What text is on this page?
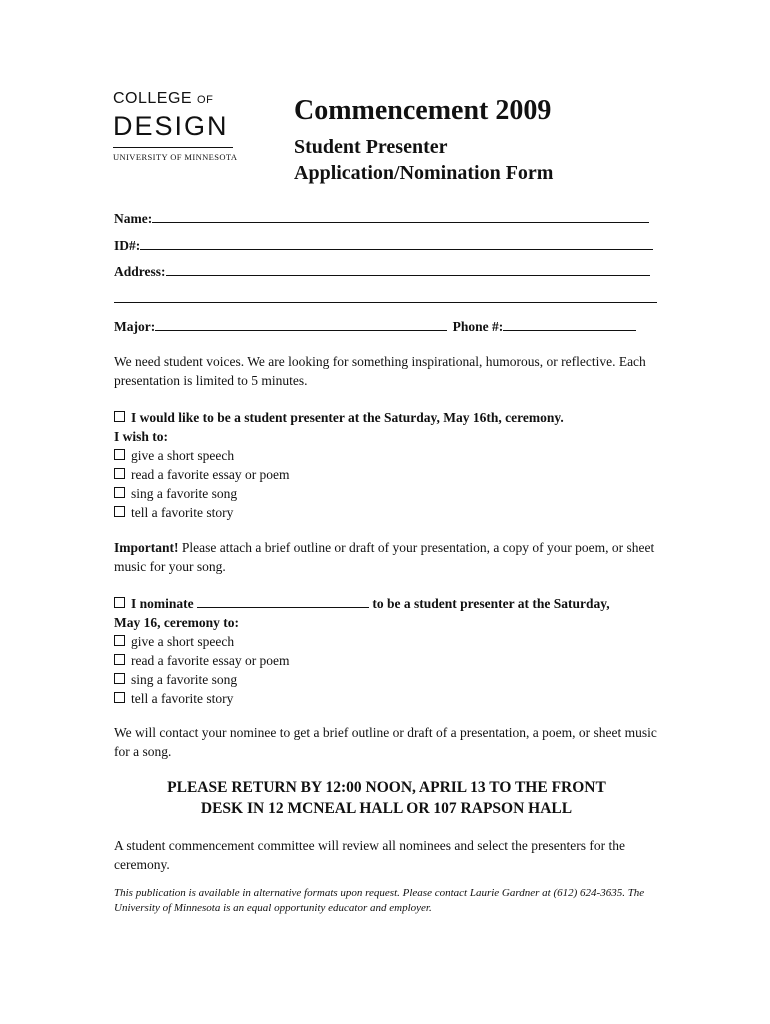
COLLEGE OF
DESIGN
UNIVERSITY OF MINNESOTA
Commencement 2009
Student Presenter
Application/Nomination Form
Name:
ID#:
Address:
Major:	Phone #:
We need student voices. We are looking for something inspirational, humorous, or reflective. Each presentation is limited to 5 minutes.
I would like to be a student presenter at the Saturday, May 16th, ceremony.
I wish to:
give a short speech
read a favorite essay or poem
sing a favorite song
tell a favorite story
Important! Please attach a brief outline or draft of your presentation, a copy of your poem, or sheet music for your song.
I nominate	to be a student presenter at the Saturday,
May 16, ceremony to:
give a short speech
read a favorite essay or poem
sing a favorite song
tell a favorite story
We will contact your nominee to get a brief outline or draft of a presentation, a poem, or sheet music for a song.
PLEASE RETURN BY 12:00 NOON, APRIL 13 TO THE FRONT
DESK IN 12 MCNEAL HALL OR 107 RAPSON HALL
A student commencement committee will review all nominees and select the presenters for the ceremony.
This publication is available in alternative formats upon request. Please contact Laurie Gardner at (612) 624-3635. The University of Minnesota is an equal opportunity educator and employer.
